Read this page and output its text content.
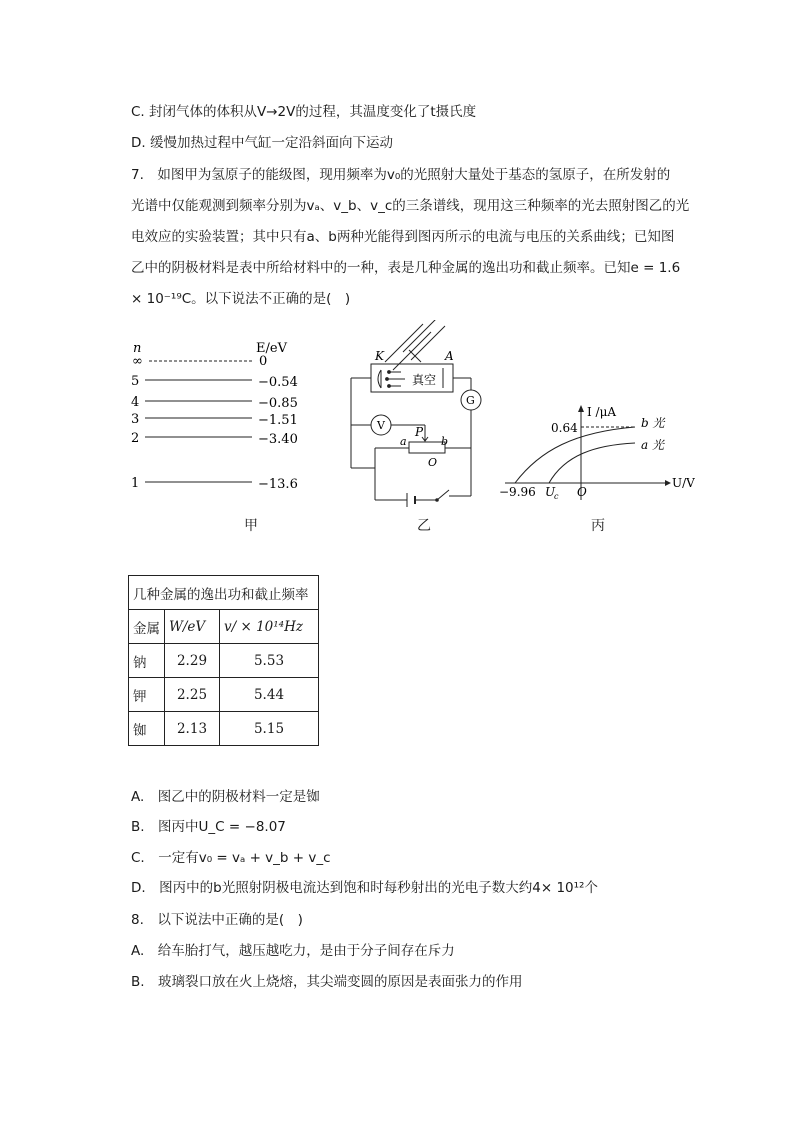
C. 封闭气体的体积从V→2V的过程，其温度变化了t摄氏度
D. 缓慢加热过程中气缸一定沿斜面向下运动
7.　如图甲为氢原子的能级图，现用频率为v₀的光照射大量处于基态的氢原子，在所发射的
光谱中仅能观测到频率分别为vₐ、v_b、v_c的三条谱线，现用这三种频率的光去照射图乙的光
电效应的实验装置；其中只有a、b两种光能得到图丙所示的电流与电压的关系曲线；已知图
乙中的阴极材料是表中所给材料中的一种，表是几种金属的逸出功和截止频率。已知e = 1.6
× 10⁻¹⁹C。以下说法不正确的是(　)
n	E/eV
∞	0
5	−0.54
4	−0.85
3	−1.51
2	−3.40
1	−13.6
甲
K	A
真空
G
V
a
P
b
O
乙
I /μA
U/V
0.64	b 光
a 光
−9.96 U
c O
丙
几种金属的逸出功和截止频率		
金属	W/eV	v/ × 10¹⁴Hz
钠	2.29	5.53
钾	2.25	5.44
铷	2.13	5.15
A.　图乙中的阴极材料一定是铷
B.　图丙中U_C = −8.07
C.　一定有v₀ = vₐ + v_b + v_c
D.　图丙中的b光照射阴极电流达到饱和时每秒射出的光电子数大约4× 10¹²个
8.　以下说法中正确的是(　)
A.　给车胎打气，越压越吃力，是由于分子间存在斥力
B.　玻璃裂口放在火上烧熔，其尖端变圆的原因是表面张力的作用
